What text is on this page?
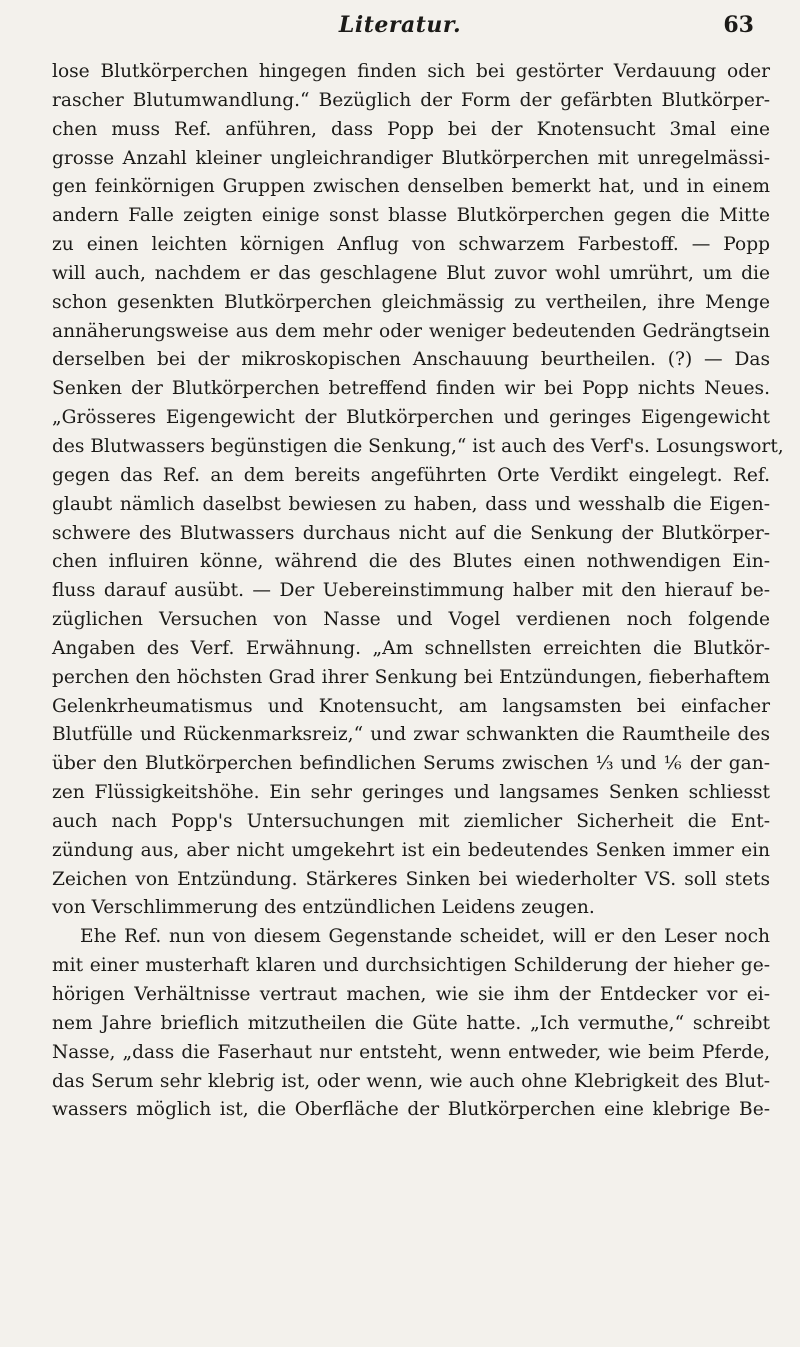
Literatur.	63
lose Blutkörperchen hingegen finden sich bei gestörter Verdauung oder
rascher Blutumwandlung.“ Bezüglich der Form der gefärbten Blutkörper-
chen muss Ref. anführen, dass Popp bei der Knotensucht 3mal eine
grosse Anzahl kleiner ungleichrandiger Blutkörperchen mit unregelmässi-
gen feinkörnigen Gruppen zwischen denselben bemerkt hat, und in einem
andern Falle zeigten einige sonst blasse Blutkörperchen gegen die Mitte
zu einen leichten körnigen Anflug von schwarzem Farbestoff. — Popp
will auch, nachdem er das geschlagene Blut zuvor wohl umrührt, um die
schon gesenkten Blutkörperchen gleichmässig zu vertheilen, ihre Menge
annäherungsweise aus dem mehr oder weniger bedeutenden Gedrängtsein
derselben bei der mikroskopischen Anschauung beurtheilen. (?) — Das
Senken der Blutkörperchen betreffend finden wir bei Popp nichts Neues.
„Grösseres Eigengewicht der Blutkörperchen und geringes Eigengewicht
des Blutwassers begünstigen die Senkung,“ ist auch des Verf's. Losungswort,
gegen das Ref. an dem bereits angeführten Orte Verdikt eingelegt. Ref.
glaubt nämlich daselbst bewiesen zu haben, dass und wesshalb die Eigen-
schwere des Blutwassers durchaus nicht auf die Senkung der Blutkörper-
chen influiren könne, während die des Blutes einen nothwendigen Ein-
fluss darauf ausübt. — Der Uebereinstimmung halber mit den hierauf be-
züglichen Versuchen von Nasse und Vogel verdienen noch folgende
Angaben des Verf. Erwähnung. „Am schnellsten erreichten die Blutkör-
perchen den höchsten Grad ihrer Senkung bei Entzündungen, fieberhaftem
Gelenkrheumatismus und Knotensucht, am langsamsten bei einfacher
Blutfülle und Rückenmarksreiz,“ und zwar schwankten die Raumtheile des
über den Blutkörperchen befindlichen Serums zwischen ⅓ und ⅙ der gan-
zen Flüssigkeitshöhe. Ein sehr geringes und langsames Senken schliesst
auch nach Popp's Untersuchungen mit ziemlicher Sicherheit die Ent-
zündung aus, aber nicht umgekehrt ist ein bedeutendes Senken immer ein
Zeichen von Entzündung. Stärkeres Sinken bei wiederholter VS. soll stets
von Verschlimmerung des entzündlichen Leidens zeugen.
Ehe Ref. nun von diesem Gegenstande scheidet, will er den Leser noch
mit einer musterhaft klaren und durchsichtigen Schilderung der hieher ge-
hörigen Verhältnisse vertraut machen, wie sie ihm der Entdecker vor ei-
nem Jahre brieflich mitzutheilen die Güte hatte. „Ich vermuthe,“ schreibt
Nasse, „dass die Faserhaut nur entsteht, wenn entweder, wie beim Pferde,
das Serum sehr klebrig ist, oder wenn, wie auch ohne Klebrigkeit des Blut-
wassers möglich ist, die Oberfläche der Blutkörperchen eine klebrige Be-
